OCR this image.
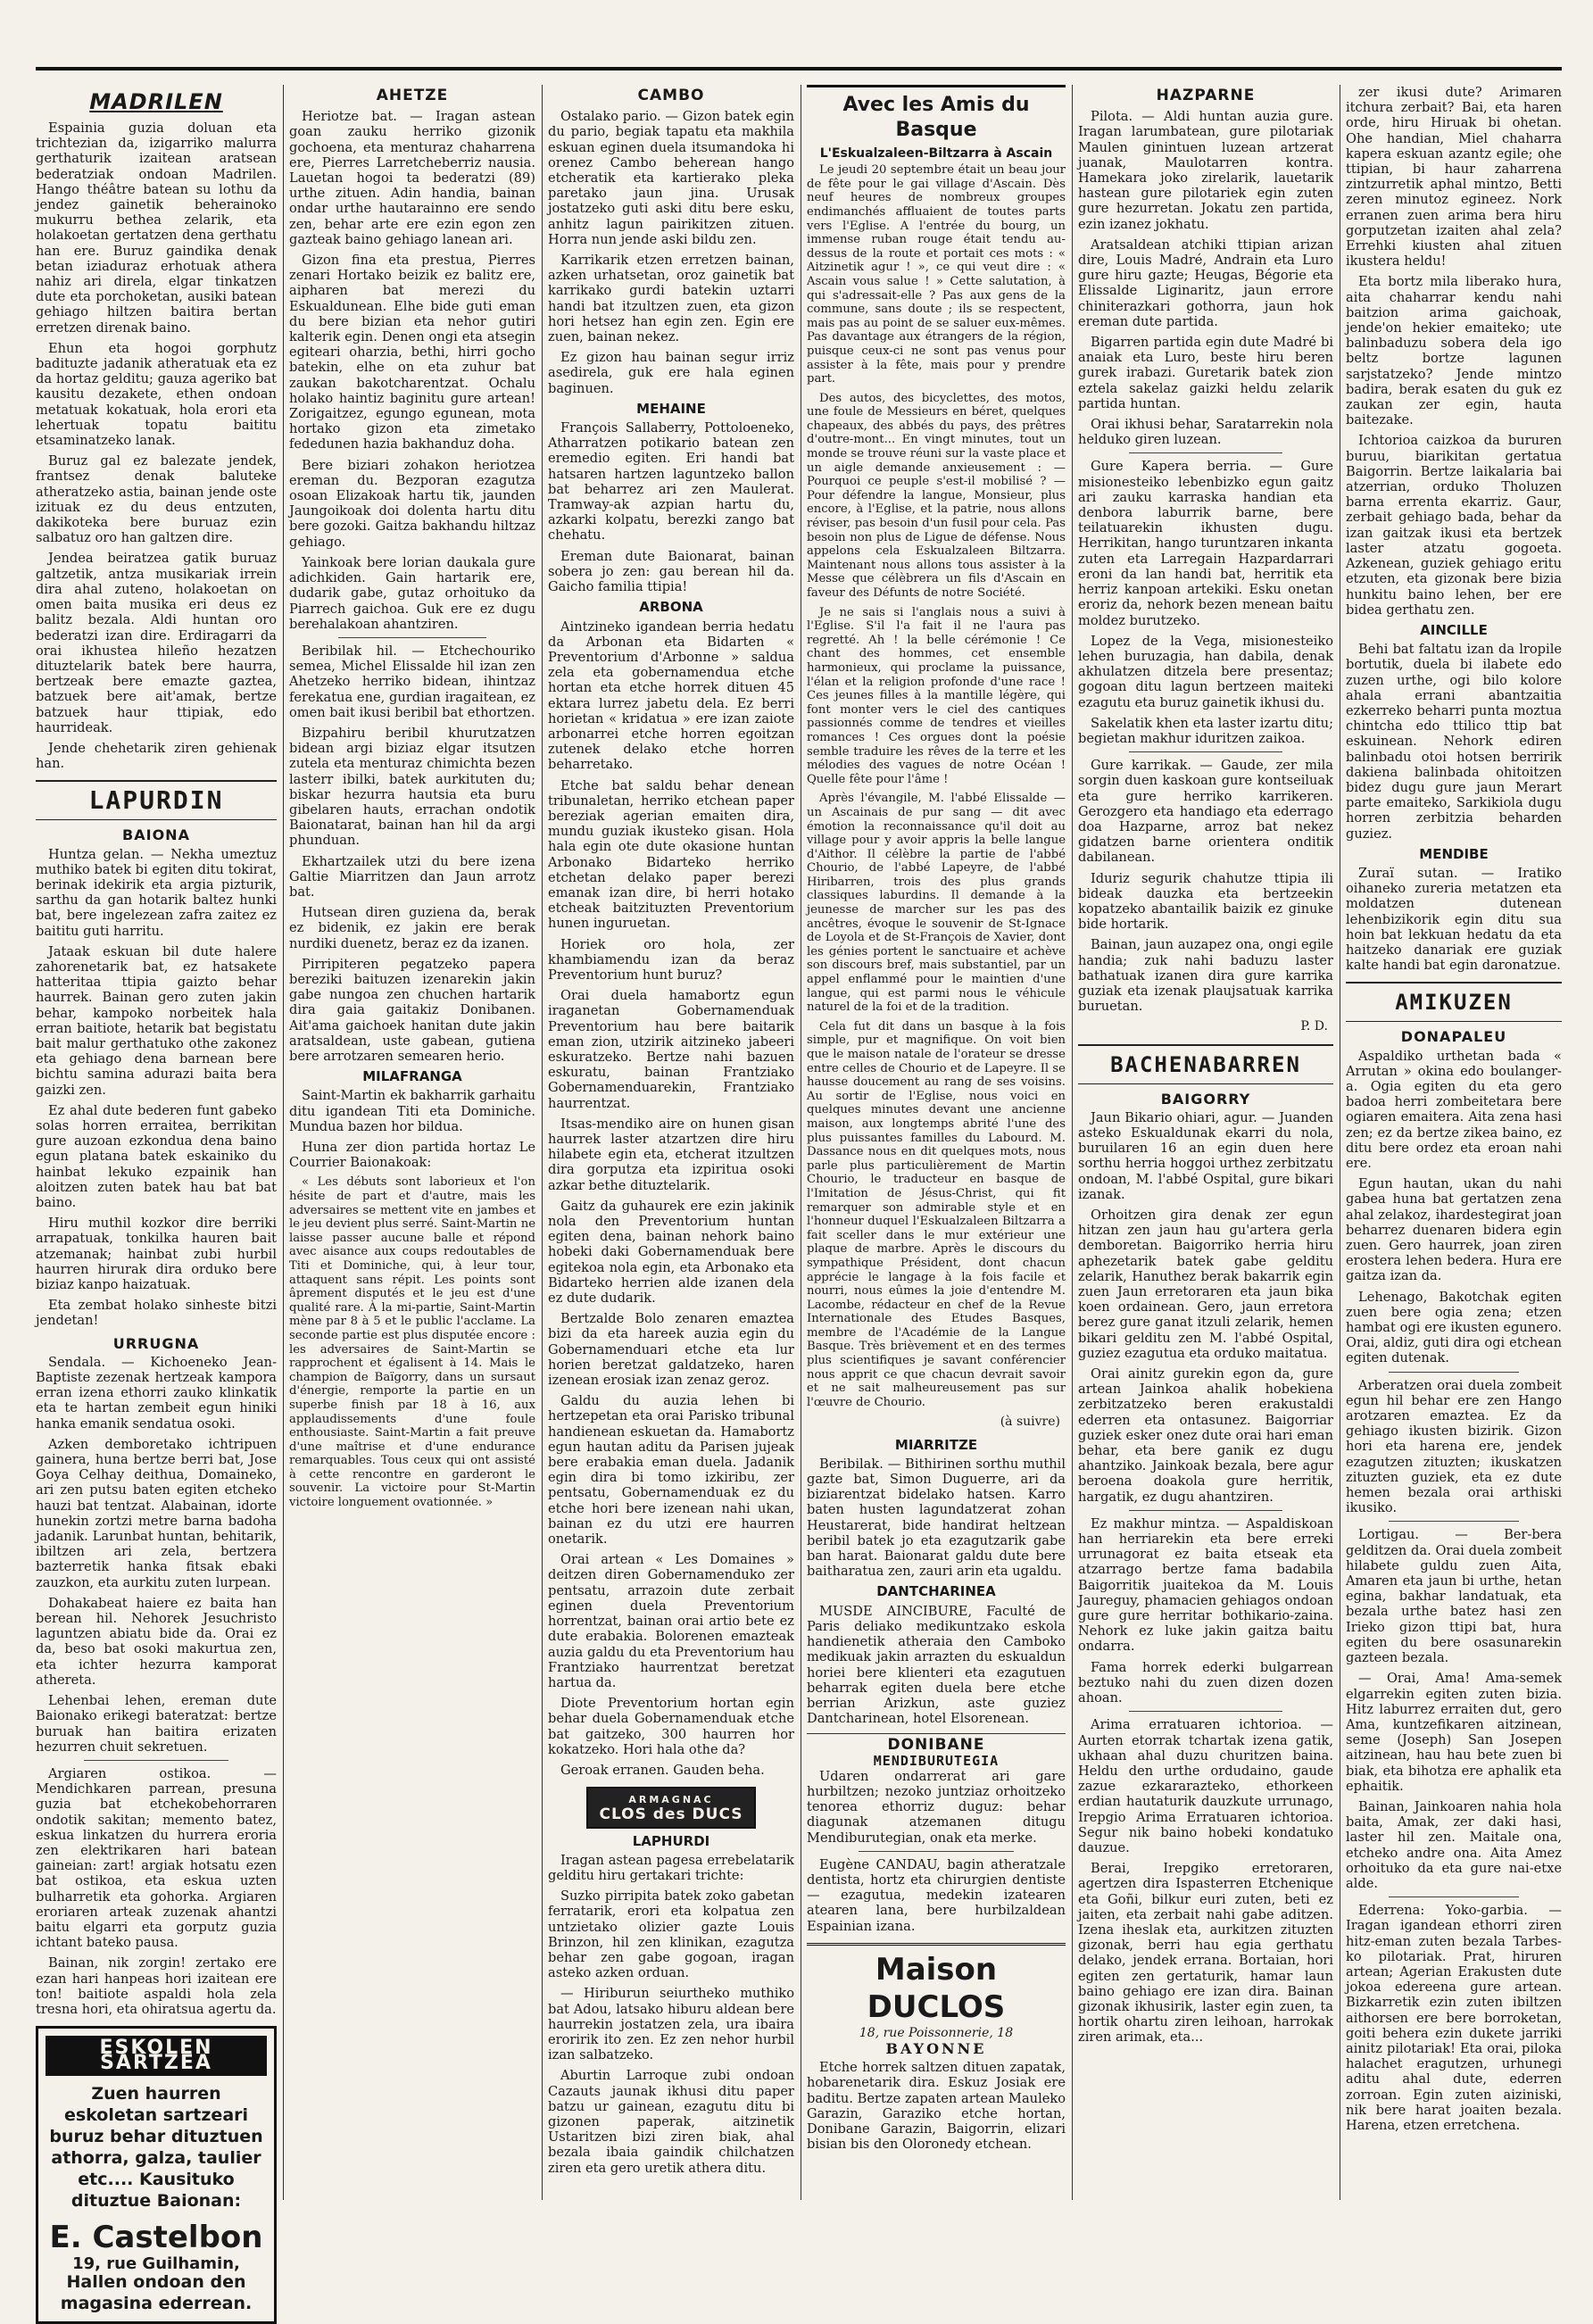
MADRILEN

Espainia guzia doluan eta trichtezian da, izigarriko malurra gerthaturik izaitean aratsean bederatziak ondoan Madrilen. Hango théâtre batean su lothu da jendez gainetik beherainoko mukurru bethea zelarik, eta holakoetan gertatzen dena gerthatu han ere. Buruz gaindika denak betan iziaduraz erhotuak athera nahiz ari direla, elgar tinkatzen dute eta porchoketan, ausiki batean gehiago hiltzen baitira bertan erretzen direnak baino.

Ehun eta hogoi gorphutz badituzte jadanik atheratuak eta ez da hortaz gelditu; gauza ageriko bat kausitu dezakete, ethen ondoan metatuak kokatuak, hola erori eta lehertuak topatu baititu etsaminatzeko lanak.

Buruz gal ez balezate jendek, frantsez denak baluteke atheratzeko astia, bainan jende oste izituak ez du deus entzuten, dakikoteka bere buruaz ezin salbatuz oro han galtzen dire.

Jendea beiratzea gatik buruaz galtzetik, antza musikariak irrein dira ahal zuteno, holakoetan on omen baita musika eri deus ez balitz bezala. Aldi huntan oro bederatzi izan dire. Erdiragarri da orai ikhustea hileño hezatzen dituztelarik batek bere haurra, bertzeak bere emazte gaztea, batzuek bere ait'amak, bertze batzuek haur ttipiak, edo haurrideak.

Jende chehetarik ziren gehienak han.

LAPURDIN
BAIONA

Huntza gelan. — Nekha umeztuz muthiko batek bi egiten ditu tokirat, berinak idekirik eta argia pizturik, sarthu da gan hotarik baltez hunki bat, bere ingelezean zafra zaitez ez baititu guti harritu.

Jataak eskuan bil dute halere zahorenetarik bat, ez hatsakete hatteritaa ttipia gaizto behar haurrek. Bainan gero zuten jakin behar, kampoko norbeitek hala erran baitiote, hetarik bat begistatu bait malur gerthatuko othe zakonez eta gehiago dena barnean bere bichtu samina adurazi baita bera gaizki zen.

Ez ahal dute bederen funt gabeko solas horren erraitea, berrikitan gure auzoan ezkondua dena baino egun platana batek eskainiko du hainbat lekuko ezpainik han aloitzen zuten batek hau bat bat baino.

Hiru muthil kozkor dire berriki arrapatuak, tonkilka hauren bait atzemanak; hainbat zubi hurbil haurren hirurak dira orduko bere biziaz kanpo haizatuak.

Eta zembat holako sinheste bitzi jendetan!

URRUGNA

Sendala. — Kichoeneko Jean-Baptiste zezenak hertzeak kampora erran izena ethorri zauko klinkatik eta te hartan zembeit egun hiniki hanka emanik sendatua osoki.

Azken demboretako ichtripuen gainera, huna bertze berri bat, Jose Goya Celhay deithua, Domaineko, ari zen putsu baten egiten etcheko hauzi bat tentzat. Alabainan, idorte hunekin zortzi metre barna badoha jadanik. Larunbat huntan, behitarik, ibiltzen ari zela, bertzera bazterretik hanka fitsak ebaki zauzkon, eta aurkitu zuten lurpean.

Dohakabeat haiere ez baita han berean hil. Nehorek Jesuchristo laguntzen abiatu bide da. Orai ez da, beso bat osoki makurtua zen, eta ichter hezurra kamporat athereta.

Lehenbai lehen, ereman dute Baionako erikegi bateratzat: bertze buruak han baitira erizaten hezurren chuit sekretuen.

Argiaren ostikoa. — Mendichkaren parrean, presuna guzia bat etchekobehorraren ondotik sakitan; memento batez, eskua linkatzen du hurrera eroria zen elektrikaren hari batean gaineian: zart! argiak hotsatu ezen bat ostikoa, eta eskua uzten bulharretik eta gohorka. Argiaren eroriaren arteak zuzenak ahantzi baitu elgarri eta gorputz guzia ichtant bateko pausa.

Bainan, nik zorgin! zertako ere ezan hari hanpeas hori izaitean ere ton! baitiote aspaldi hola zela tresna hori, eta ohiratsua agertu da.

ESKOLEN SARTZEA
Zuen haurren eskoletan sartzeari buruz behar dituztuen athorra, galza, taulier etc.... Kausituko dituztue Baionan:
E. Castelbon
19, rue Guilhamin,
Hallen ondoan den magasina ederrean.
AHETZE

Heriotze bat. — Iragan astean goan zauku herriko gizonik gochoena, eta menturaz chaharrena ere, Pierres Larretcheberriz nausia. Lauetan hogoi ta bederatzi (89) urthe zituen. Adin handia, bainan ondar urthe hautarainno ere sendo zen, behar arte ere ezin egon zen gazteak baino gehiago lanean ari.

Gizon fina eta prestua, Pierres zenari Hortako beizik ez balitz ere, aipharen bat merezi du Eskualdunean. Elhe bide guti eman du bere bizian eta nehor gutiri kalterik egin. Denen ongi eta atsegin egiteari oharzia, bethi, hirri gocho batekin, elhe on eta zuhur bat zaukan bakotcharentzat. Ochalu holako haintiz baginitu gure artean! Zorigaitzez, egungo egunean, mota hortako gizon eta zimetako fededunen hazia bakhanduz doha.

Bere biziari zohakon heriotzea ereman du. Bezporan ezagutza osoan Elizakoak hartu tik, jaunden Jaungoikoak doi dolenta hartu ditu bere gozoki. Gaitza bakhandu hiltzaz gehiago.

Yainkoak bere lorian daukala gure adichkiden. Gain hartarik ere, dudarik gabe, gutaz orhoituko da Piarrech gaichoa. Guk ere ez dugu berehalakoan ahantziren.

Beribilak hil. — Etchechouriko semea, Michel Elissalde hil izan zen Ahetzeko herriko bidean, ihintzaz ferekatua ene, gurdian iragaitean, ez omen bait ikusi beribil bat ethortzen.

Bizpahiru beribil khurutzatzen bidean argi biziaz elgar itsutzen zutela eta menturaz chimichta bezen lasterr ibilki, batek aurkituten du; biskar hezurra hautsia eta buru gibelaren hauts, errachan ondotik Baionatarat, bainan han hil da argi phunduan.

Ekhartzailek utzi du bere izena Galtie Miarritzen dan Jaun arrotz bat.

Hutsean diren guziena da, berak ez bidenik, ez jakin ere berak nurdiki duenetz, beraz ez da izanen.

Pirripiteren pegatzeko papera bereziki baituzen izenarekin jakin gabe nungoa zen chuchen hartarik dira gaia gaitakiz Donibanen. Ait'ama gaichoek hanitan dute jakin aratsaldean, uste gabean, gutiena bere arrotzaren semearen herio.

MILAFRANGA

Saint-Martin ek bakharrik garhaitu ditu igandean Titi eta Dominiche. Mundua bazen hor bildua.

Huna zer dion partida hortaz Le Courrier Baionakoak:

« Les débuts sont laborieux et l'on hésite de part et d'autre, mais les adversaires se mettent vite en jambes et le jeu devient plus serré. Saint-Martin ne laisse passer aucune balle et répond avec aisance aux coups redoutables de Titi et Dominiche, qui, à leur tour, attaquent sans répit. Les points sont âprement disputés et le jeu est d'une qualité rare. À la mi-partie, Saint-Martin mène par 8 à 5 et le public l'acclame. La seconde partie est plus disputée encore : les adversaires de Saint-Martin se rapprochent et égalisent à 14. Mais le champion de Baïgorry, dans un sursaut d'énergie, remporte la partie en un superbe finish par 18 à 16, aux applaudissements d'une foule enthousiaste. Saint-Martin a fait preuve d'une maîtrise et d'une endurance remarquables. Tous ceux qui ont assisté à cette rencontre en garderont le souvenir. La victoire pour St-Martin victoire longuement ovationnée. »

CAMBO

Ostalako pario. — Gizon batek egin du pario, begiak tapatu eta makhila eskuan eginen duela itsumandoka hi orenez Cambo beherean hango etcheratik eta kartierako pleka paretako jaun jina. Urusak jostatzeko guti aski ditu bere esku, anhitz lagun pairikitzen zituen. Horra nun jende aski bildu zen.

Karrikarik etzen erretzen bainan, azken urhatsetan, oroz gainetik bat karrikako gurdi batekin uztarri handi bat itzultzen zuen, eta gizon hori hetsez han egin zen. Egin ere zuen, bainan nekez.

Ez gizon hau bainan segur irriz asedirela, guk ere hala eginen baginuen.

MEHAINE

François Sallaberry, Pottoloeneko, Atharratzen potikario batean zen eremedio egiten. Eri handi bat hatsaren hartzen laguntzeko ballon bat beharrez ari zen Maulerat. Tramway-ak azpian hartu du, azkarki kolpatu, berezki zango bat chehatu.

Ereman dute Baionarat, bainan sobera jo zen: gau berean hil da. Gaicho familia ttipia!

ARBONA

Aintzineko igandean berria hedatu da Arbonan eta Bidarten « Preventorium d'Arbonne » saldua zela eta gobernamendua etche hortan eta etche horrek dituen 45 ektara lurrez jabetu dela. Ez berri horietan « kridatua » ere izan zaiote arbonarrei etche horren egoitzan zutenek delako etche horren beharretako.

Etche bat saldu behar denean tribunaletan, herriko etchean paper bereziak agerian emaiten dira, mundu guziak ikusteko gisan. Hola hala egin ote dute okasione huntan Arbonako Bidarteko herriko etchetan delako paper berezi emanak izan dire, bi herri hotako etcheak baitzituzten Preventorium hunen inguruetan.

Horiek oro hola, zer khambiamendu izan da beraz Preventorium hunt buruz?

Orai duela hamabortz egun iraganetan Gobernamenduak Preventorium hau bere baitarik eman zion, utzirik aitzineko jabeeri eskuratzeko. Bertze nahi bazuen eskuratu, bainan Frantziako Gobernamenduarekin, Frantziako haurrentzat.

Itsas-mendiko aire on hunen gisan haurrek laster atzartzen dire hiru hilabete egin eta, etcherat itzultzen dira gorputza eta izpiritua osoki azkar bethe dituztelarik.

Gaitz da guhaurek ere ezin jakinik nola den Preventorium huntan egiten dena, bainan nehork baino hobeki daki Gobernamenduak bere egitekoa nola egin, eta Arbonako eta Bidarteko herrien alde izanen dela ez dute dudarik.

Bertzalde Bolo zenaren emaztea bizi da eta hareek auzia egin du Gobernamenduari etche eta lur horien beretzat galdatzeko, haren izenean erosiak izan zenaz geroz.

Galdu du auzia lehen bi hertzepetan eta orai Parisko tribunal handienean eskuetan da. Hamabortz egun hautan aditu da Parisen jujeak bere erabakia eman duela. Jadanik egin dira bi tomo izkiribu, zer pentsatu, Gobernamenduak ez du etche hori bere izenean nahi ukan, bainan ez du utzi ere haurren onetarik.

Orai artean « Les Domaines » deitzen diren Gobernamenduko zer pentsatu, arrazoin dute zerbait eginen duela Preventorium horrentzat, bainan orai artio bete ez dute erabakia. Bolorenen emazteak auzia galdu du eta Preventorium hau Frantziako haurrentzat beretzat hartua da.

Diote Preventorium hortan egin behar duela Gobernamenduak etche bat gaitzeko, 300 haurren hor kokatzeko. Hori hala othe da?

Geroak erranen. Gauden beha.

ARMAGNAC
CLOS des DUCS
LAPHURDI

Iragan astean pagesa errebelatarik gelditu hiru gertakari trichte:

Suzko pirripita batek zoko gabetan ferratarik, erori eta kolpatua zen untzietako olizier gazte Louis Brinzon, hil zen klinikan, ezagutza behar zen gabe gogoan, iragan asteko azken orduan.

— Hiriburun seiurtheko muthiko bat Adou, latsako hiburu aldean bere haurrekin jostatzen zela, ura ibaira eroririk ito zen. Ez zen nehor hurbil izan salbatzeko.

Aburtin Larroque zubi ondoan Cazauts jaunak ikhusi ditu paper batzu ur gainean, ezagutu ditu bi gizonen paperak, aitzinetik Ustaritzen bizi ziren biak, ahal bezala ibaia gaindik chilchatzen ziren eta gero uretik athera ditu.

Avec les Amis du Basque
L'Eskualzaleen-Biltzarra à Ascain

Le jeudi 20 septembre était un beau jour de fête pour le gai village d'Ascain. Dès neuf heures de nombreux groupes endimanchés affluaient de toutes parts vers l'Eglise. A l'entrée du bourg, un immense ruban rouge était tendu au-dessus de la route et portait ces mots : « Aitzinetik agur ! », ce qui veut dire : « Ascain vous salue ! » Cette salutation, à qui s'adressait-elle ? Pas aux gens de la commune, sans doute ; ils se respectent, mais pas au point de se saluer eux-mêmes. Pas davantage aux étrangers de la région, puisque ceux-ci ne sont pas venus pour assister à la fête, mais pour y prendre part.

Des autos, des bicyclettes, des motos, une foule de Messieurs en béret, quelques chapeaux, des abbés du pays, des prêtres d'outre-mont... En vingt minutes, tout un monde se trouve réuni sur la vaste place et un aigle demande anxieusement : — Pourquoi ce peuple s'est-il mobilisé ? — Pour défendre la langue, Monsieur, plus encore, à l'Eglise, et la patrie, nous allons réviser, pas besoin d'un fusil pour cela. Pas besoin non plus de Ligue de défense. Nous appelons cela Eskualzaleen Biltzarra. Maintenant nous allons tous assister à la Messe que célèbrera un fils d'Ascain en faveur des Défunts de notre Société.

Je ne sais si l'anglais nous a suivi à l'Eglise. S'il l'a fait il ne l'aura pas regretté. Ah ! la belle cérémonie ! Ce chant des hommes, cet ensemble harmonieux, qui proclame la puissance, l'élan et la religion profonde d'une race ! Ces jeunes filles à la mantille légère, qui font monter vers le ciel des cantiques passionnés comme de tendres et vieilles romances ! Ces orgues dont la poésie semble traduire les rêves de la terre et les mélodies des vagues de notre Océan ! Quelle fête pour l'âme !

Après l'évangile, M. l'abbé Elissalde — un Ascainais de pur sang — dit avec émotion la reconnaissance qu'il doit au village pour y avoir appris la belle langue d'Aithor. Il célèbre la partie de l'abbé Chourio, de l'abbé Lapeyre, de l'abbé Hiribarren, trois des plus grands classiques laburdins. Il demande à la jeunesse de marcher sur les pas des ancêtres, évoque le souvenir de St-Ignace de Loyola et de St-François de Xavier, dont les génies portent le sanctuaire et achève son discours bref, mais substantiel, par un appel enflammé pour le maintien d'une langue, qui est parmi nous le véhicule naturel de la foi et de la tradition.

Cela fut dit dans un basque à la fois simple, pur et magnifique. On voit bien que le maison natale de l'orateur se dresse entre celles de Chourio et de Lapeyre. Il se hausse doucement au rang de ses voisins. Au sortir de l'Eglise, nous voici en quelques minutes devant une ancienne maison, aux longtemps abrité l'une des plus puissantes familles du Labourd. M. Dassance nous en dit quelques mots, nous parle plus particulièrement de Martin Chourio, le traducteur en basque de l'Imitation de Jésus-Christ, qui fit remarquer son admirable style et en l'honneur duquel l'Eskualzaleen Biltzarra a fait sceller dans le mur extérieur une plaque de marbre. Après le discours du sympathique Président, dont chacun apprécie le langage à la fois facile et nourri, nous eûmes la joie d'entendre M. Lacombe, rédacteur en chef de la Revue Internationale des Etudes Basques, membre de l'Académie de la Langue Basque. Très brièvement et en des termes plus scientifiques je savant conférencier nous apprit ce que chacun devrait savoir et ne sait malheureusement pas sur l'œuvre de Chourio.

(à suivre)
MIARRITZE

Beribilak. — Bithirinen sorthu muthil gazte bat, Simon Duguerre, ari da biziarentzat bidelako hatsen. Karro baten husten lagundatzerat zohan Heustarerat, bide handirat heltzean beribil batek jo eta ezagutzarik gabe ban harat. Baionarat galdu dute bere baitharatua zen, zauri arin eta ugaldu.

DANTCHARINEA

MUSDE AINCIBURE, Faculté de Paris deliako medikuntzako eskola handienetik atheraia den Camboko medikuak jakin arrazten du eskualdun horiei bere klienteri eta ezagutuen beharrak egiten duela bere etche berrian Arizkun, aste guziez Dantcharinean, hotel Elsorenean.

DONIBANE
MENDIBURUTEGIA

Udaren ondarrerat ari gare hurbiltzen; nezoko juntziaz orhoitzeko tenorea ethorriz duguz: behar diagunak atzemanen ditugu Mendiburutegian, onak eta merke.

Eugène CANDAU, bagin atheratzale dentista, hortz eta chirurgien dentiste — ezagutua, medekin izatearen atearen lana, bere hurbilzaldean Espainian izana.

Maison DUCLOS
18, rue Poissonnerie, 18
BAYONNE

Etche horrek saltzen dituen zapatak, hobarenetarik dira. Eskuz Josiak ere baditu. Bertze zapaten artean Mauleko Garazin, Garaziko etche hortan, Donibane Garazin, Baigorrin, elizari bisian bis den Oloronedy etchean.

HAZPARNE

Pilota. — Aldi huntan auzia gure. Iragan larumbatean, gure pilotariak Maulen ginintuen luzean artzerat juanak, Maulotarren kontra. Hamekara joko zirelarik, lauetarik hastean gure pilotariek egin zuten gure hezurretan. Jokatu zen partida, ezin izanez jokhatu.

Aratsaldean atchiki ttipian arizan dire, Louis Madré, Andrain eta Luro gure hiru gazte; Heugas, Bégorie eta Elissalde Liginaritz, jaun errore chiniterazkari gothorra, jaun hok ereman dute partida.

Bigarren partida egin dute Madré bi anaiak eta Luro, beste hiru beren gurek irabazi. Guretarik batek zion eztela sakelaz gaizki heldu zelarik partida huntan.

Orai ikhusi behar, Saratarrekin nola helduko giren luzean.

Gure Kapera berria. — Gure misionesteiko lebenbizko egun gaitz ari zauku karraska handian eta denbora laburrik barne, bere teilatuarekin ikhusten dugu. Herrikitan, hango turuntzaren inkanta zuten eta Larregain Hazpardarrari eroni da lan handi bat, herritik eta herriz kanpoan artekiki. Esku onetan eroriz da, nehork bezen menean baitu moldez burutzeko.

Lopez de la Vega, misionesteiko lehen buruzagia, han dabila, denak akhulatzen ditzela bere presentaz; gogoan ditu lagun bertzeen maiteki ezagutu eta buruz gainetik ikhusi du.

Sakelatik khen eta laster izartu ditu; begietan makhur iduritzen zaikoa.

Gure karrikak. — Gaude, zer mila sorgin duen kaskoan gure kontseiluak eta gure herriko karrikeren. Gerozgero eta handiago eta ederrago doa Hazparne, arroz bat nekez gidatzen barne orientera onditik dabilanean.

Iduriz segurik chahutze ttipia ili bideak dauzka eta bertzeekin kopatzeko abantailik baizik ez ginuke bide hortarik.

Bainan, jaun auzapez ona, ongi egile handia; zuk nahi baduzu laster bathatuak izanen dira gure karrika guziak eta izenak plaujsatuak karrika buruetan.

P. D.
BACHENABARREN
BAIGORRY

Jaun Bikario ohiari, agur. — Juanden asteko Eskualdunak ekarri du nola, buruilaren 16 an egin duen here sorthu herria hoggoi urthez zerbitzatu ondoan, M. l'abbé Ospital, gure bikari izanak.

Orhoitzen gira denak zer egun hitzan zen jaun hau gu'artera gerla demboretan. Baigorriko herria hiru aphezetarik batek gabe gelditu zelarik, Hanuthez berak bakarrik egin zuen Jaun erretoraren eta jaun bika koen ordainean. Gero, jaun erretora berez gure ganat itzuli zelarik, hemen bikari gelditu zen M. l'abbé Ospital, guziez ezagutua eta orduko maitatua.

Orai ainitz gurekin egon da, gure artean Jainkoa ahalik hobekiena zerbitzatzeko beren erakustaldi ederren eta ontasunez. Baigorriar guziek esker onez dute orai hari eman behar, eta bere ganik ez dugu ahantziko. Jainkoak bezala, bere agur beroena doakola gure herritik, hargatik, ez dugu ahantziren.

Ez makhur mintza. — Aspaldiskoan han herriarekin eta bere erreki urrunagorat ez baita etseak eta atzarrago bertze fama badabila Baigorritik juaitekoa da M. Louis Jaureguy, phamacien gehiagos ondoan gure gure herritar bothikario-zaina. Nehork ez luke jakin gaitza baitu ondarra.

Fama horrek ederki bulgarrean beztuko nahi du zuen dizen dozen ahoan.

Arima erratuaren ichtorioa. — Aurten etorrak tchartak izena gatik, ukhaan ahal duzu churitzen baina. Heldu den urthe ordudaino, gaude zazue ezkararazteko, ethorkeen erdian hautaturik dauzkute urrunago, Irepgio Arima Erratuaren ichtorioa. Segur nik baino hobeki kondatuko dauzue.

Berai, Irepgiko erretoraren, agertzen dira Ispasterren Etchenique eta Goñi, bilkur euri zuten, beti ez jaiten, eta zerbait nahi gabe aditzen. Izena iheslak eta, aurkitzen zituzten gizonak, berri hau egia gerthatu delako, jendek errana. Bortaian, hori egiten zen gertaturik, hamar laun baino gehiago ere izan dira. Bainan gizonak ikhusirik, laster egin zuen, ta hortik ohartu ziren leihoan, harrokak ziren arimak, eta...

zer ikusi dute? Arimaren itchura zerbait? Bai, eta haren orde, hiru Hiruak bi ohetan. Ohe handian, Miel chaharra kapera eskuan azantz egile; ohe ttipian, bi haur zaharrena zintzurretik aphal mintzo, Betti zeren minutoz egineez. Nork erranen zuen arima bera hiru gorputzetan izaiten ahal zela? Errehki kiusten ahal zituen ikustera heldu!

Eta bortz mila liberako hura, aita chaharrar kendu nahi baitzion arima gaichoak, jende'on hekier emaiteko; ute balinbaduzu sobera dela igo beltz bortze lagunen sarjstatzeko? Jende mintzo badira, berak esaten du guk ez zaukan zer egin, hauta baitezake.

Ichtorioa caizkoa da bururen buruu, biarikitan gertatua Baigorrin. Bertze laikalaria bai atzerrian, orduko Tholuzen barna errenta ekarriz. Gaur, zerbait gehiago bada, behar da izan gaitzak ikusi eta bertzek laster atzatu gogoeta. Azkenean, guziek gehiago eritu etzuten, eta gizonak bere bizia hunkitu baino lehen, ber ere bidea gerthatu zen.

AINCILLE

Behi bat faltatu izan da lropile bortutik, duela bi ilabete edo zuzen urthe, ogi bilo kolore ahala errani abantzaitia ezkerreko beharri punta moztua chintcha edo ttilico ttip bat eskuinean. Nehork ediren balinbadu otoi hotsen berririk dakiena balinbada ohitoitzen bidez dugu gure jaun Merart parte emaiteko, Sarkikiola dugu horren zerbitzia beharden guziez.

MENDIBE

Zuraï sutan. — Iratiko oihaneko zureria metatzen eta moldatzen dutenean lehenbizikorik egin ditu sua hoin bat lekkuan hedatu da eta haitzeko danariak ere guziak kalte handi bat egin daronatzue.

AMIKUZEN
DONAPALEU

Aspaldiko urthetan bada « Arrutan » okina edo boulanger-a. Ogia egiten du eta gero badoa herri zombeitetara bere ogiaren emaitera. Aita zena hasi zen; ez da bertze zikea baino, ez ditu bere ordez eta eroan nahi ere.

Egun hautan, ukan du nahi gabea huna bat gertatzen zena ahal zelakoz, ihardestegirat joan beharrez duenaren bidera egin zuen. Gero haurrek, joan ziren erostera lehen bedera. Hura ere gaitza izan da.

Lehenago, Bakotchak egiten zuen bere ogia zena; etzen hambat ogi ere ikusten egunero. Orai, aldiz, guti dira ogi etchean egiten dutenak.

Arberatzen orai duela zombeit egun hil behar ere zen Hango arotzaren emaztea. Ez da gehiago ikusten bizirik. Gizon hori eta harena ere, jendek ezagutzen zituzten; ikuskatzen zituzten guziek, eta ez dute hemen bezala orai arthiski ikusiko.

Lortigau. — Ber-bera gelditzen da. Orai duela zombeit hilabete guldu zuen Aita, Amaren eta jaun bi urthe, hetan egina, bakhar landatuak, eta bezala urthe batez hasi zen Irieko gizon ttipi bat, hura egiten du bere osasunarekin gazteen bezala.

— Orai, Ama! Ama-semek elgarrekin egiten zuten bizia. Hitz laburrez erraiten dut, gero Ama, kuntzefikaren aitzinean, seme (Joseph) San Josepen aitzinean, hau hau bete zuen bi biak, eta bihotza ere aphalik eta ephaitik.

Bainan, Jainkoaren nahia hola baita, Amak, zer daki hasi, laster hil zen. Maitale ona, etcheko andre ona. Aita Amez orhoituko da eta gure nai-etxe alde.

Ederrena: Yoko-garbia. — Iragan igandean ethorri ziren hitz-eman zuten bezala Tarbes-ko pilotariak. Prat, hiruren artean; Agerian Erakusten dute jokoa edereena gure artean. Bizkarretik ezin zuten ibiltzen aithorsen ere bere borroketan, goiti behera ezin dukete jarriki ainitz pilotariak! Eta orai, piloka halachet eragutzen, urhunegi aditu ahal dute, ederren zorroan. Egin zuten aiziniski, nik bere harat joaiten bezala. Harena, etzen erretchena.
